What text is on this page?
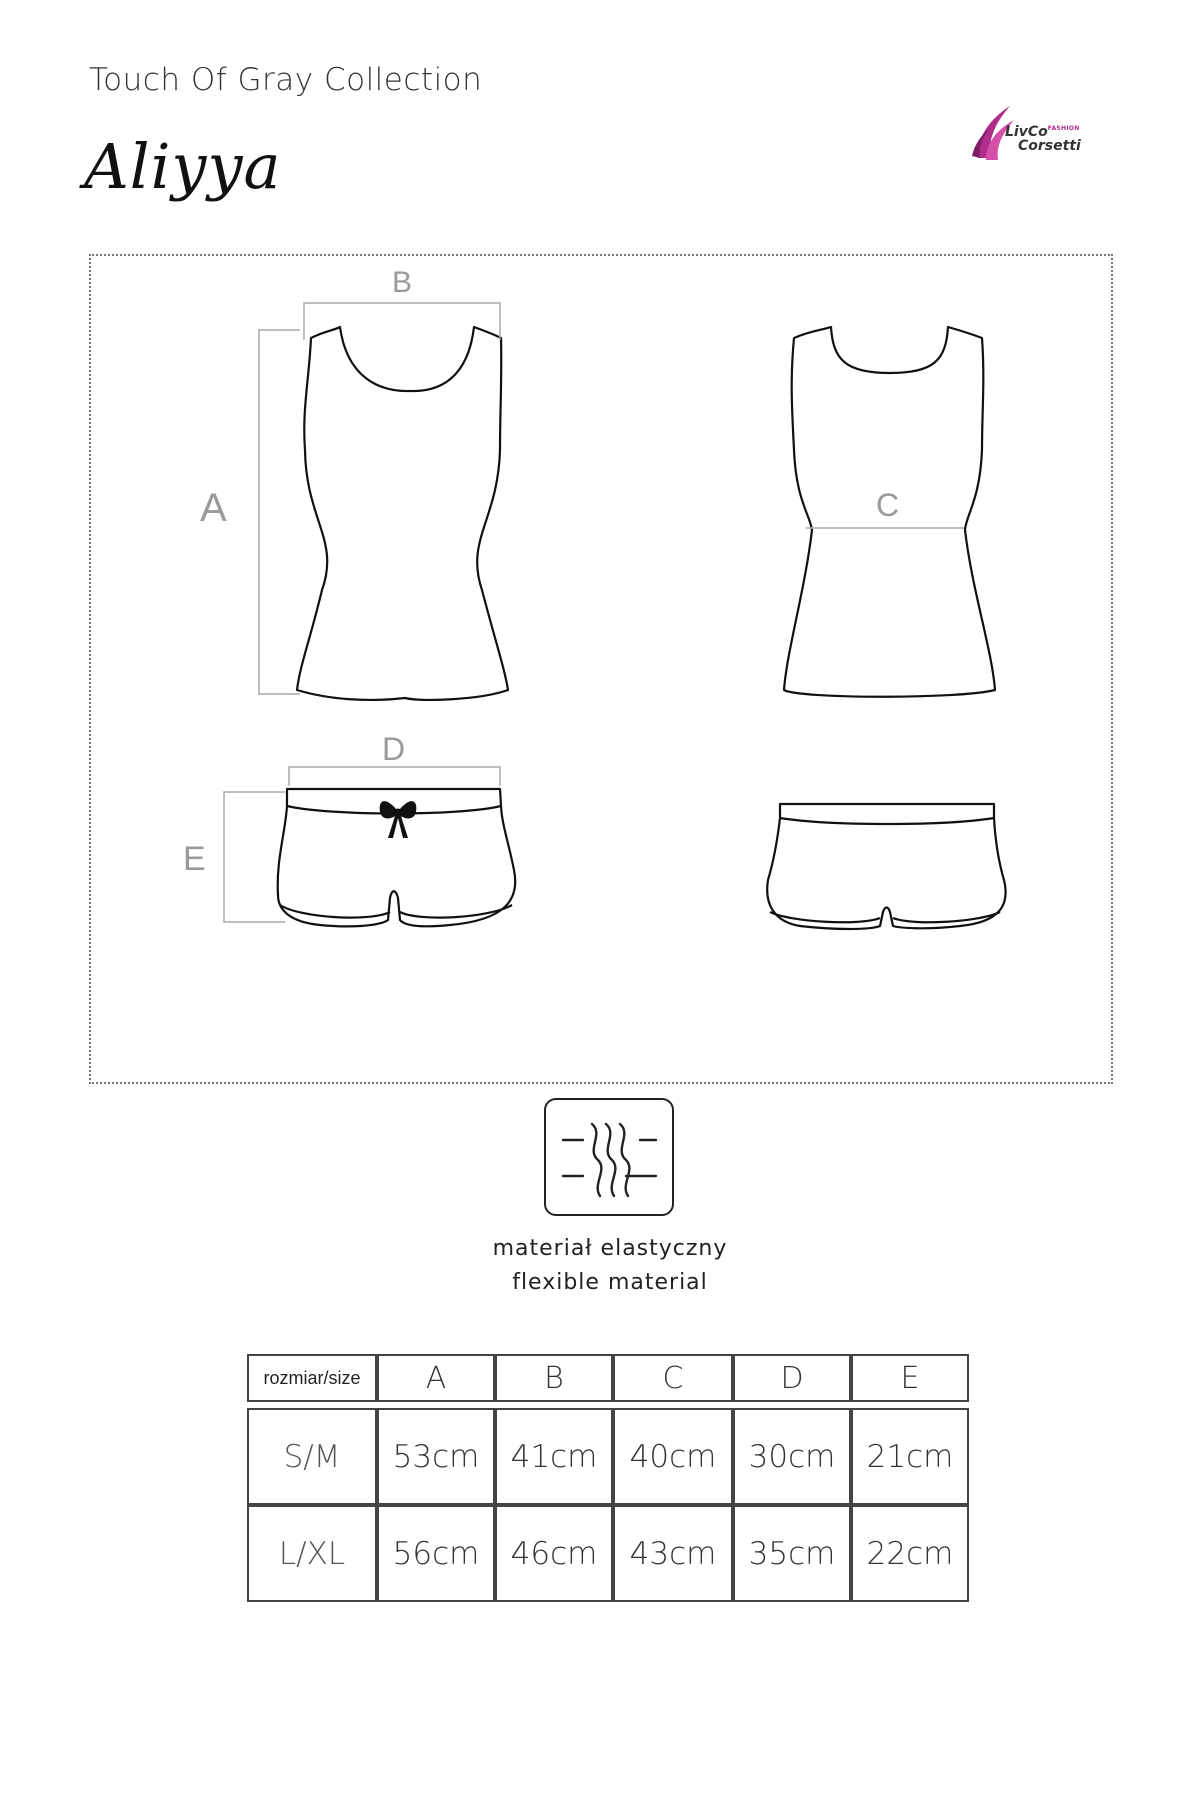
Touch Of Gray Collection
Aliyya	LivCo$^{FASHION}$
Corsetti
B
A	C
D
E
materiał elastyczny
flexible material
rozmiar/size	A	B	C	D	E

S/M	53cm	41cm	40cm	30cm	21cm
L/XL	56cm	46cm	43cm	35cm	22cm
